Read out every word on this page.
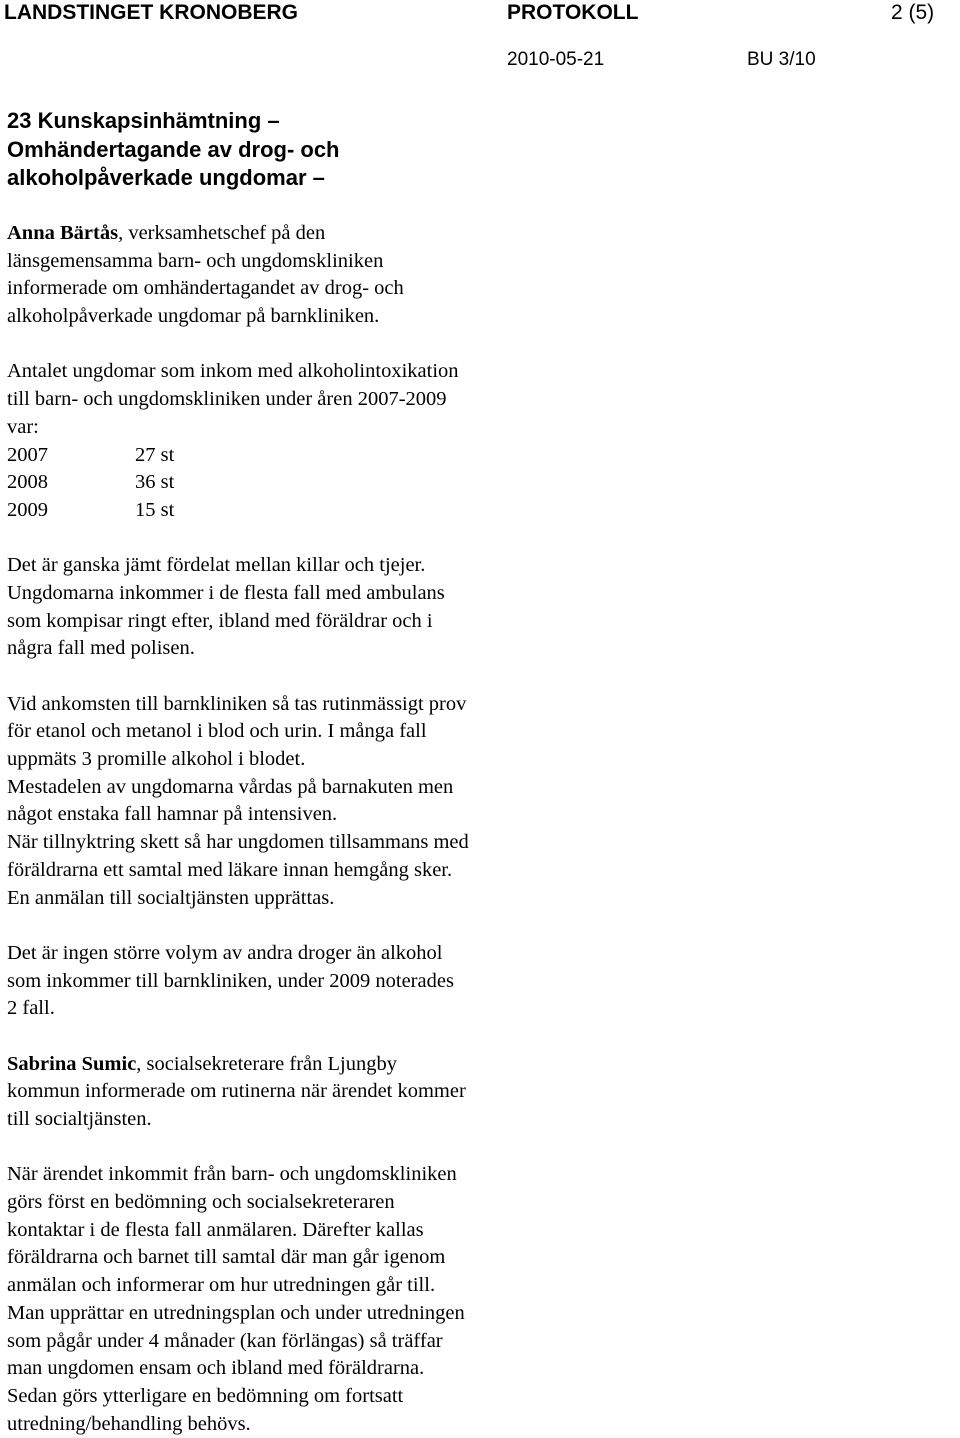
LANDSTINGET KRONOBERG	PROTOKOLL	2 (5)
2010-05-21	BU 3/10
23 Kunskapsinhämtning –
Omhändertagande av drog- och
alkoholpåverkade ungdomar –
Anna Bärtås, verksamhetschef på den
länsgemensamma barn- och ungdomskliniken
informerade om omhändertagandet av drog- och
alkoholpåverkade ungdomar på barnkliniken.
Antalet ungdomar som inkom med alkoholintoxikation
till barn- och ungdomskliniken under åren 2007-2009
var:
2007	27 st
2008	36 st
2009	15 st
Det är ganska jämt fördelat mellan killar och tjejer.
Ungdomarna inkommer i de flesta fall med ambulans
som kompisar ringt efter, ibland med föräldrar och i
några fall med polisen.
Vid ankomsten till barnkliniken så tas rutinmässigt prov
för etanol och metanol i blod och urin. I många fall
uppmäts 3 promille alkohol i blodet.
Mestadelen av ungdomarna vårdas på barnakuten men
något enstaka fall hamnar på intensiven.
När tillnyktring skett så har ungdomen tillsammans med
föräldrarna ett samtal med läkare innan hemgång sker.
En anmälan till socialtjänsten upprättas.
Det är ingen större volym av andra droger än alkohol
som inkommer till barnkliniken, under 2009 noterades
2 fall.
Sabrina Sumic, socialsekreterare från Ljungby
kommun informerade om rutinerna när ärendet kommer
till socialtjänsten.
När ärendet inkommit från barn- och ungdomskliniken
görs först en bedömning och socialsekreteraren
kontaktar i de flesta fall anmälaren. Därefter kallas
föräldrarna och barnet till samtal där man går igenom
anmälan och informerar om hur utredningen går till.
Man upprättar en utredningsplan och under utredningen
som pågår under 4 månader (kan förlängas) så träffar
man ungdomen ensam och ibland med föräldrarna.
Sedan görs ytterligare en bedömning om fortsatt
utredning/behandling behövs.
